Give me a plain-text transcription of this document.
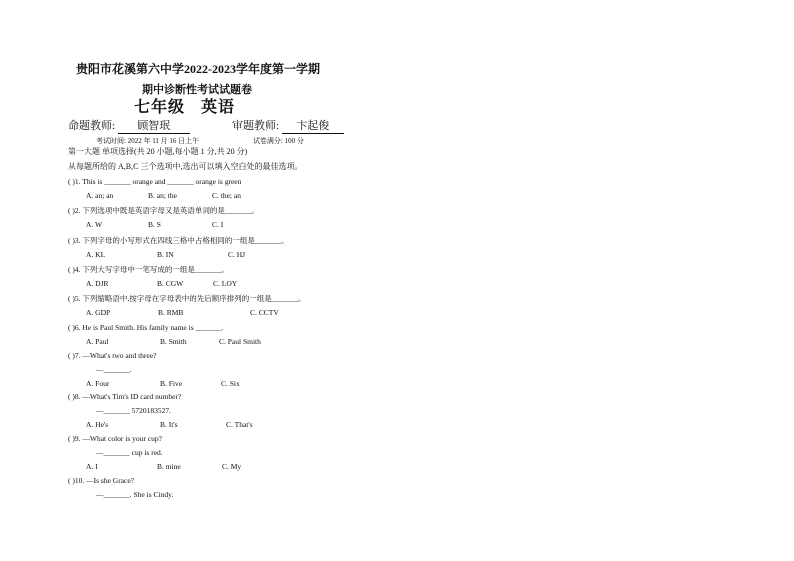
贵阳市花溪第六中学2022-2023学年度第一学期
期中诊断性考试试题卷
七年级 英语
命题教师: 顾智珉	审题教师: 卞起俊
考试时间: 2022 年 11 月 16 日上午	试卷满分: 100 分
第一大题 单项选择(共 20 小题,每小题 1 分,共 20 分)
从每题所给的 A,B,C 三个选项中,选出可以填入空白处的最佳选项。
( )1. This is _______ orange and _______ orange is green
A. an; an	B. an; the	C. the; an
( )2. 下列选项中既是英语字母又是英语单词的是_______。
A. W	B. S	C. I
( )3. 下列字母的小写形式在四线三格中占格相同的一组是_______。
A. KL	B. IN	C. HJ
( )4. 下列大写字母中一笔写成的一组是_______。
A. DJR	B. CGW	C. LOY
( )5. 下列缩略语中,按字母在字母表中的先后顺序排列的一组是_______。
A. GDP	B. RMB	C. CCTV
( )6. He is Paul Smith. His family name is _______.
A. Paul	B. Smith	C. Paul Smith
( )7. —What's two and three?
—_______.
A. Four	B. Five	C. Six
( )8. —What's Tim's ID card number?
—_______ 5720183527.
A. He's	B. It's	C. That's
( )9. —What color is your cup?
—_______ cup is red.
A. I	B. mine	C. My
( )10. —Is she Grace?
—_______. She is Cindy.
